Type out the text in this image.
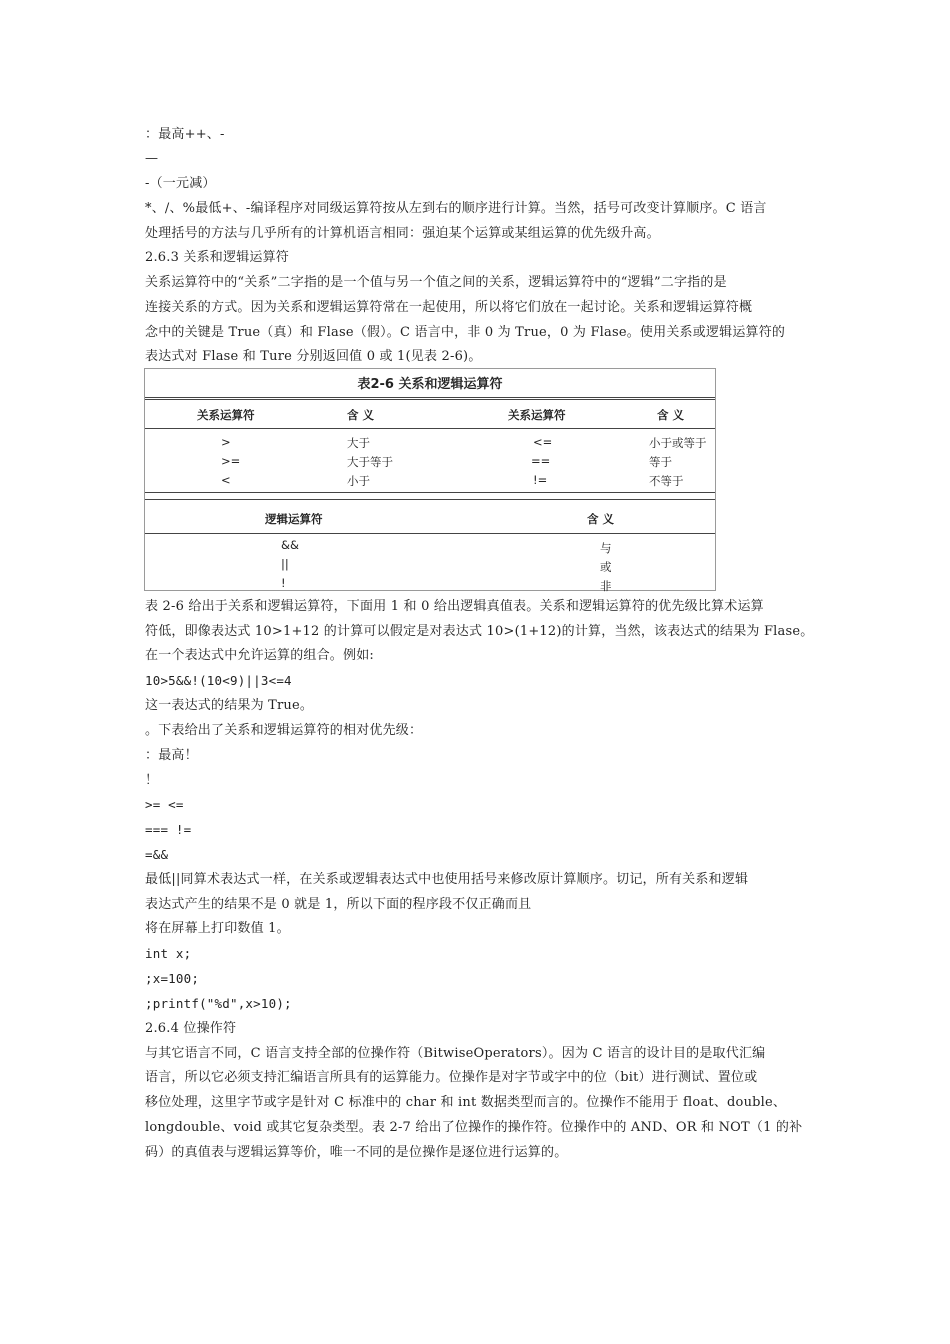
：最高++、-
—
-（一元减）
*、/、%最低+、-编译程序对同级运算符按从左到右的顺序进行计算。当然，括号可改变计算顺序。C 语言
处理括号的方法与几乎所有的计算机语言相同：强迫某个运算或某组运算的优先级升高。
2.6.3 关系和逻辑运算符
关系运算符中的“关系”二字指的是一个值与另一个值之间的关系，逻辑运算符中的“逻辑”二字指的是
连接关系的方式。因为关系和逻辑运算符常在一起使用，所以将它们放在一起讨论。关系和逻辑运算符概
念中的关键是 True（真）和 Flase（假）。C 语言中，非 0 为 True，0 为 Flase。使用关系或逻辑运算符的
表达式对 Flase 和 Ture 分别返回值 0 或 1(见表 2-6)。
表2-6 关系和逻辑运算符
关系运算符	含 义	关系运算符	含 义
>	大于	<=	小于或等于
>=	大于等于	==	等于
<	小于	!=	不等于
逻辑运算符	含 义
&&	与
||	或
!	非
表 2-6 给出于关系和逻辑运算符，下面用 1 和 0 给出逻辑真值表。关系和逻辑运算符的优先级比算术运算
符低，即像表达式 10>1+12 的计算可以假定是对表达式 10>(1+12)的计算，当然，该表达式的结果为 Flase。
在一个表达式中允许运算的组合。例如:
10>5&&!(10<9)||3<=4
这一表达式的结果为 True。
。下表给出了关系和逻辑运算符的相对优先级：
：最高！
！
>= <=
=== !=
=&&
最低||同算术表达式一样，在关系或逻辑表达式中也使用括号来修改原计算顺序。切记，所有关系和逻辑
表达式产生的结果不是 0 就是 1，所以下面的程序段不仅正确而且
将在屏幕上打印数值 1。
int x;
;x=100;
;printf("%d",x>10);
2.6.4 位操作符
与其它语言不同，C 语言支持全部的位操作符（BitwiseOperators）。因为 C 语言的设计目的是取代汇编
语言，所以它必须支持汇编语言所具有的运算能力。位操作是对字节或字中的位（bit）进行测试、置位或
移位处理，这里字节或字是针对 C 标准中的 char 和 int 数据类型而言的。位操作不能用于 float、double、
longdouble、void 或其它复杂类型。表 2-7 给出了位操作的操作符。位操作中的 AND、OR 和 NOT（1 的补
码）的真值表与逻辑运算等价，唯一不同的是位操作是逐位进行运算的。
